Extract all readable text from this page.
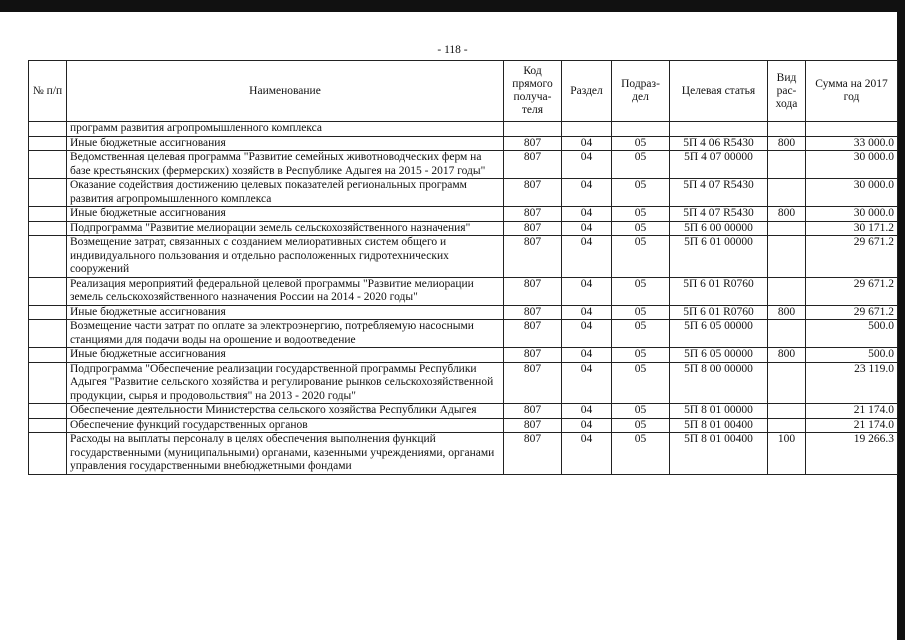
- 118 -
№ п/п	Наименование	Код прямого получа-теля	Раздел	Подраз-дел	Целевая статья	Вид рас-хода	Сумма на 2017 год
	программ развития агропромышленного комплекса						
	Иные бюджетные ассигнования	807	04	05	5П 4 06 R5430	800	33 000.0
	Ведомственная целевая программа "Развитие семейных животноводческих ферм на базе крестьянских (фермерских) хозяйств в Республике Адыгея на 2015 - 2017 годы"	807	04	05	5П 4 07 00000		30 000.0
	Оказание содействия достижению целевых показателей региональных программ развития агропромышленного комплекса	807	04	05	5П 4 07 R5430		30 000.0
	Иные бюджетные ассигнования	807	04	05	5П 4 07 R5430	800	30 000.0
	Подпрограмма "Развитие мелиорации земель сельскохозяйственного назначения"	807	04	05	5П 6 00 00000		30 171.2
	Возмещение затрат, связанных с созданием мелиоративных систем общего и индивидуального пользования и отдельно расположенных гидротехнических сооружений	807	04	05	5П 6 01 00000		29 671.2
	Реализация мероприятий федеральной целевой программы "Развитие мелиорации земель сельскохозяйственного назначения России на 2014 - 2020 годы"	807	04	05	5П 6 01 R0760		29 671.2
	Иные бюджетные ассигнования	807	04	05	5П 6 01 R0760	800	29 671.2
	Возмещение части затрат по оплате за электроэнергию, потребляемую насосными станциями для подачи воды на орошение и водоотведение	807	04	05	5П 6 05 00000		500.0
	Иные бюджетные ассигнования	807	04	05	5П 6 05 00000	800	500.0
	Подпрограмма "Обеспечение реализации государственной программы Республики Адыгея "Развитие сельского хозяйства и регулирование рынков сельскохозяйственной продукции, сырья и продовольствия" на 2013 - 2020 годы"	807	04	05	5П 8 00 00000		23 119.0
	Обеспечение деятельности Министерства сельского хозяйства Республики Адыгея	807	04	05	5П 8 01 00000		21 174.0
	Обеспечение функций государственных органов	807	04	05	5П 8 01 00400		21 174.0
	Расходы на выплаты персоналу в целях обеспечения выполнения функций государственными (муниципальными) органами, казенными учреждениями, органами управления государственными внебюджетными фондами	807	04	05	5П 8 01 00400	100	19 266.3
